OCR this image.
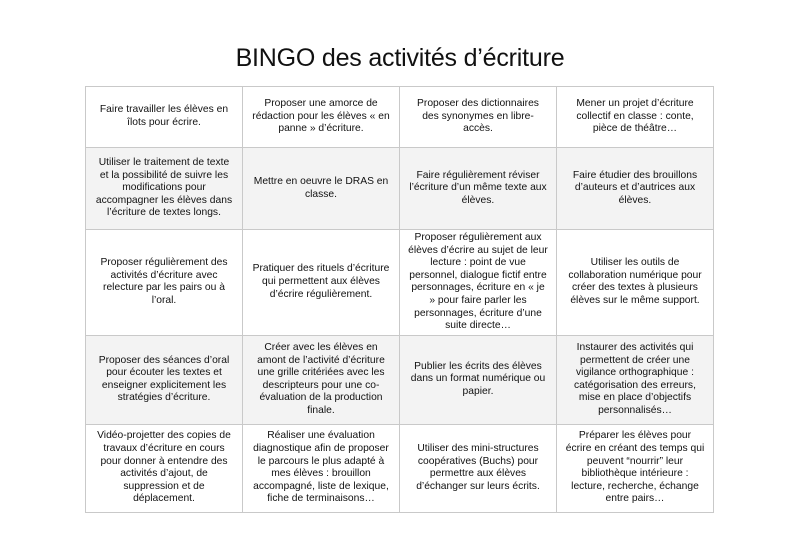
BINGO des activités d’écriture
Faire travailler les élèves en îlots pour écrire.	Proposer une amorce de rédaction pour les élèves « en panne » d’écriture.	Proposer des dictionnaires des synonymes en libre-accès.	Mener un projet d’écriture collectif en classe : conte, pièce de théâtre…
Utiliser le traitement de texte et la possibilité de suivre les modifications pour accompagner les élèves dans l’écriture de textes longs.	Mettre en oeuvre le DRAS en classe.	Faire régulièrement réviser l’écriture d’un même texte aux élèves.	Faire étudier des brouillons d’auteurs et d’autrices aux élèves.
Proposer régulièrement des activités d’écriture avec relecture par les pairs ou à l’oral.	Pratiquer des rituels d’écriture qui permettent aux élèves d’écrire régulièrement.	Proposer régulièrement aux élèves d’écrire au sujet de leur lecture : point de vue personnel, dialogue fictif entre personnages, écriture en « je » pour faire parler les personnages, écriture d’une suite directe…	Utiliser les outils de collaboration numérique pour créer des textes à plusieurs élèves sur le même support.
Proposer des séances d’oral pour écouter les textes et enseigner explicitement les stratégies d’écriture.	Créer avec les élèves en amont de l’activité d’écriture une grille critériées avec les descripteurs pour une co-évaluation de la production finale.	Publier les écrits des élèves dans un format numérique ou papier.	Instaurer des activités qui permettent de créer une vigilance orthographique : catégorisation des erreurs, mise en place d’objectifs personnalisés…
Vidéo-projetter des copies de travaux d’écriture en cours pour donner à entendre des activités d’ajout, de suppression et de déplacement.	Réaliser une évaluation diagnostique afin de proposer le parcours le plus adapté à mes élèves : brouillon accompagné, liste de lexique, fiche de terminaisons…	Utiliser des mini-structures coopératives (Buchs) pour permettre aux élèves d’échanger sur leurs écrits.	Préparer les élèves pour écrire en créant des temps qui peuvent “nourrir” leur bibliothèque intérieure : lecture, recherche, échange entre pairs…
